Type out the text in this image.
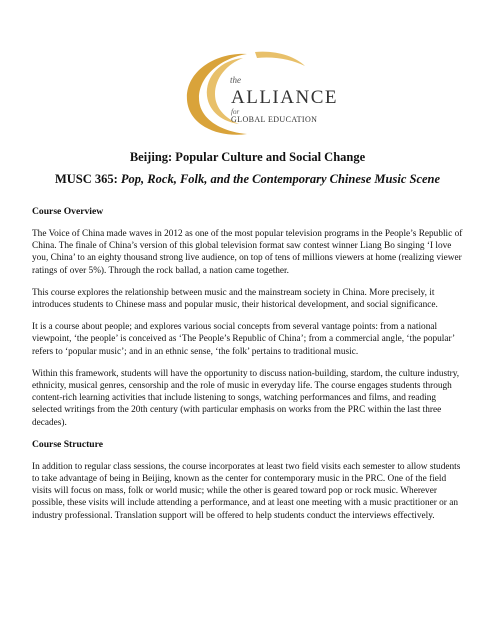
the
ALLIANCE
for
GLOBAL EDUCATION
Beijing: Popular Culture and Social Change
MUSC 365: Pop, Rock, Folk, and the Contemporary Chinese Music Scene
Course Overview

The Voice of China made waves in 2012 as one of the most popular television programs in the People’s Republic of China. The finale of China’s version of this global television format saw contest winner Liang Bo singing ‘I love you, China’ to an eighty thousand strong live audience, on top of tens of millions viewers at home (realizing viewer ratings of over 5%). Through the rock ballad, a nation came together.

This course explores the relationship between music and the mainstream society in China. More precisely, it introduces students to Chinese mass and popular music, their historical development, and social significance.

It is a course about people; and explores various social concepts from several vantage points: from a national viewpoint, ‘the people’ is conceived as ‘The People’s Republic of China’; from a commercial angle, ‘the popular’ refers to ‘popular music’; and in an ethnic sense, ‘the folk’ pertains to traditional music.

Within this framework, students will have the opportunity to discuss nation-building, stardom, the culture industry, ethnicity, musical genres, censorship and the role of music in everyday life. The course engages students through content-rich learning activities that include listening to songs, watching performances and films, and reading selected writings from the 20th century (with particular emphasis on works from the PRC within the last three decades).

Course Structure

In addition to regular class sessions, the course incorporates at least two field visits each semester to allow students to take advantage of being in Beijing, known as the center for contemporary music in the PRC. One of the field visits will focus on mass, folk or world music; while the other is geared toward pop or rock music. Wherever possible, these visits will include attending a performance, and at least one meeting with a music practitioner or an industry professional. Translation support will be offered to help students conduct the interviews effectively.
